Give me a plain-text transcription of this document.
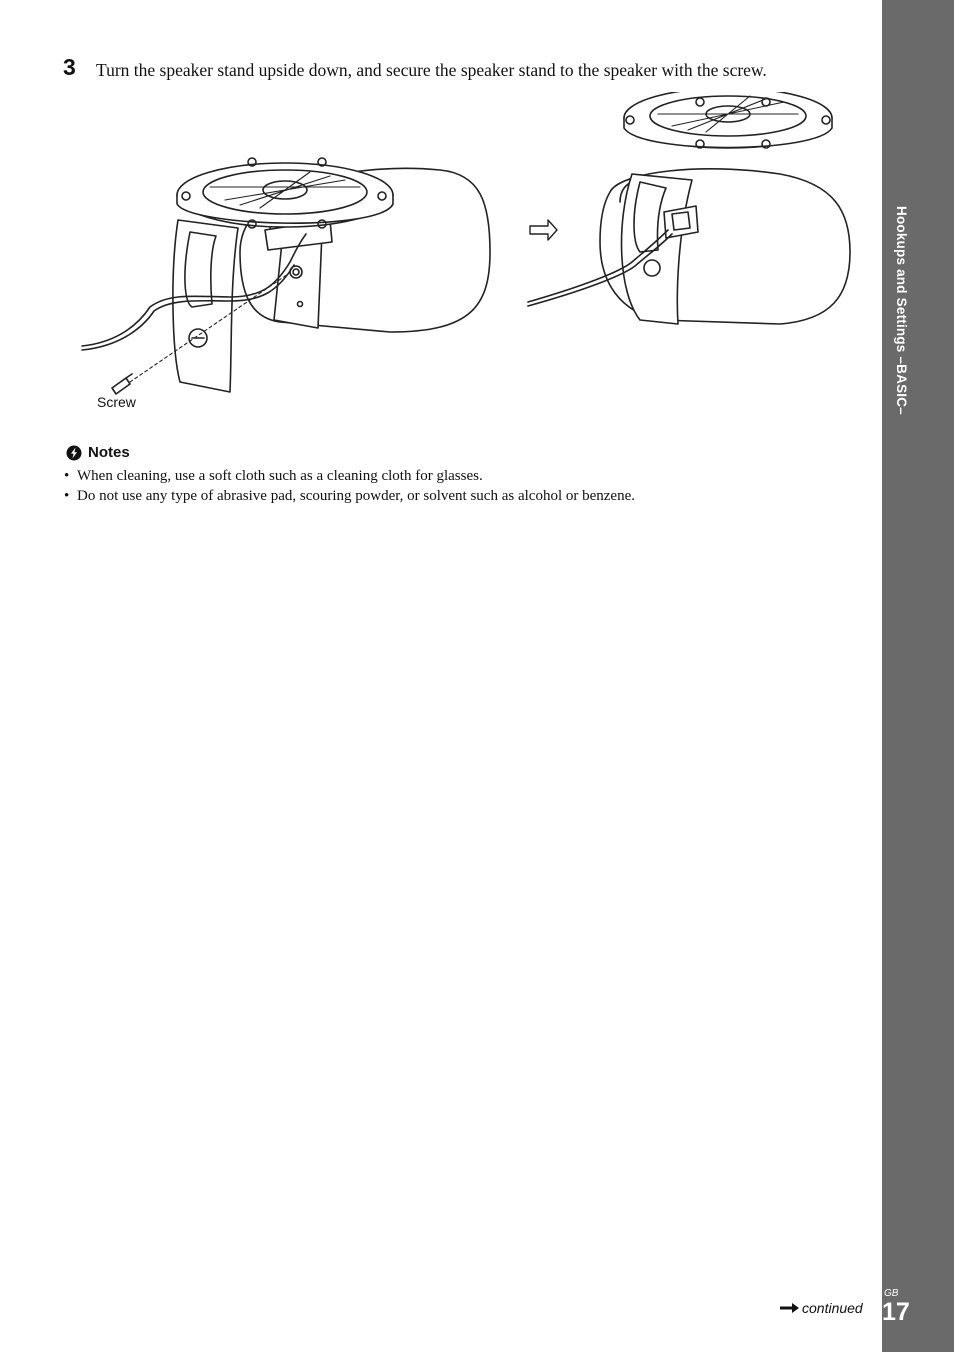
Hookups and Settings –BASIC–
3 Turn the speaker stand upside down, and secure the speaker stand to the speaker with the screw.
Screw
Notes
• When cleaning, use a soft cloth such as a cleaning cloth for glasses.
• Do not use any type of abrasive pad, scouring powder, or solvent such as alcohol or benzene.
continued
GB
17
